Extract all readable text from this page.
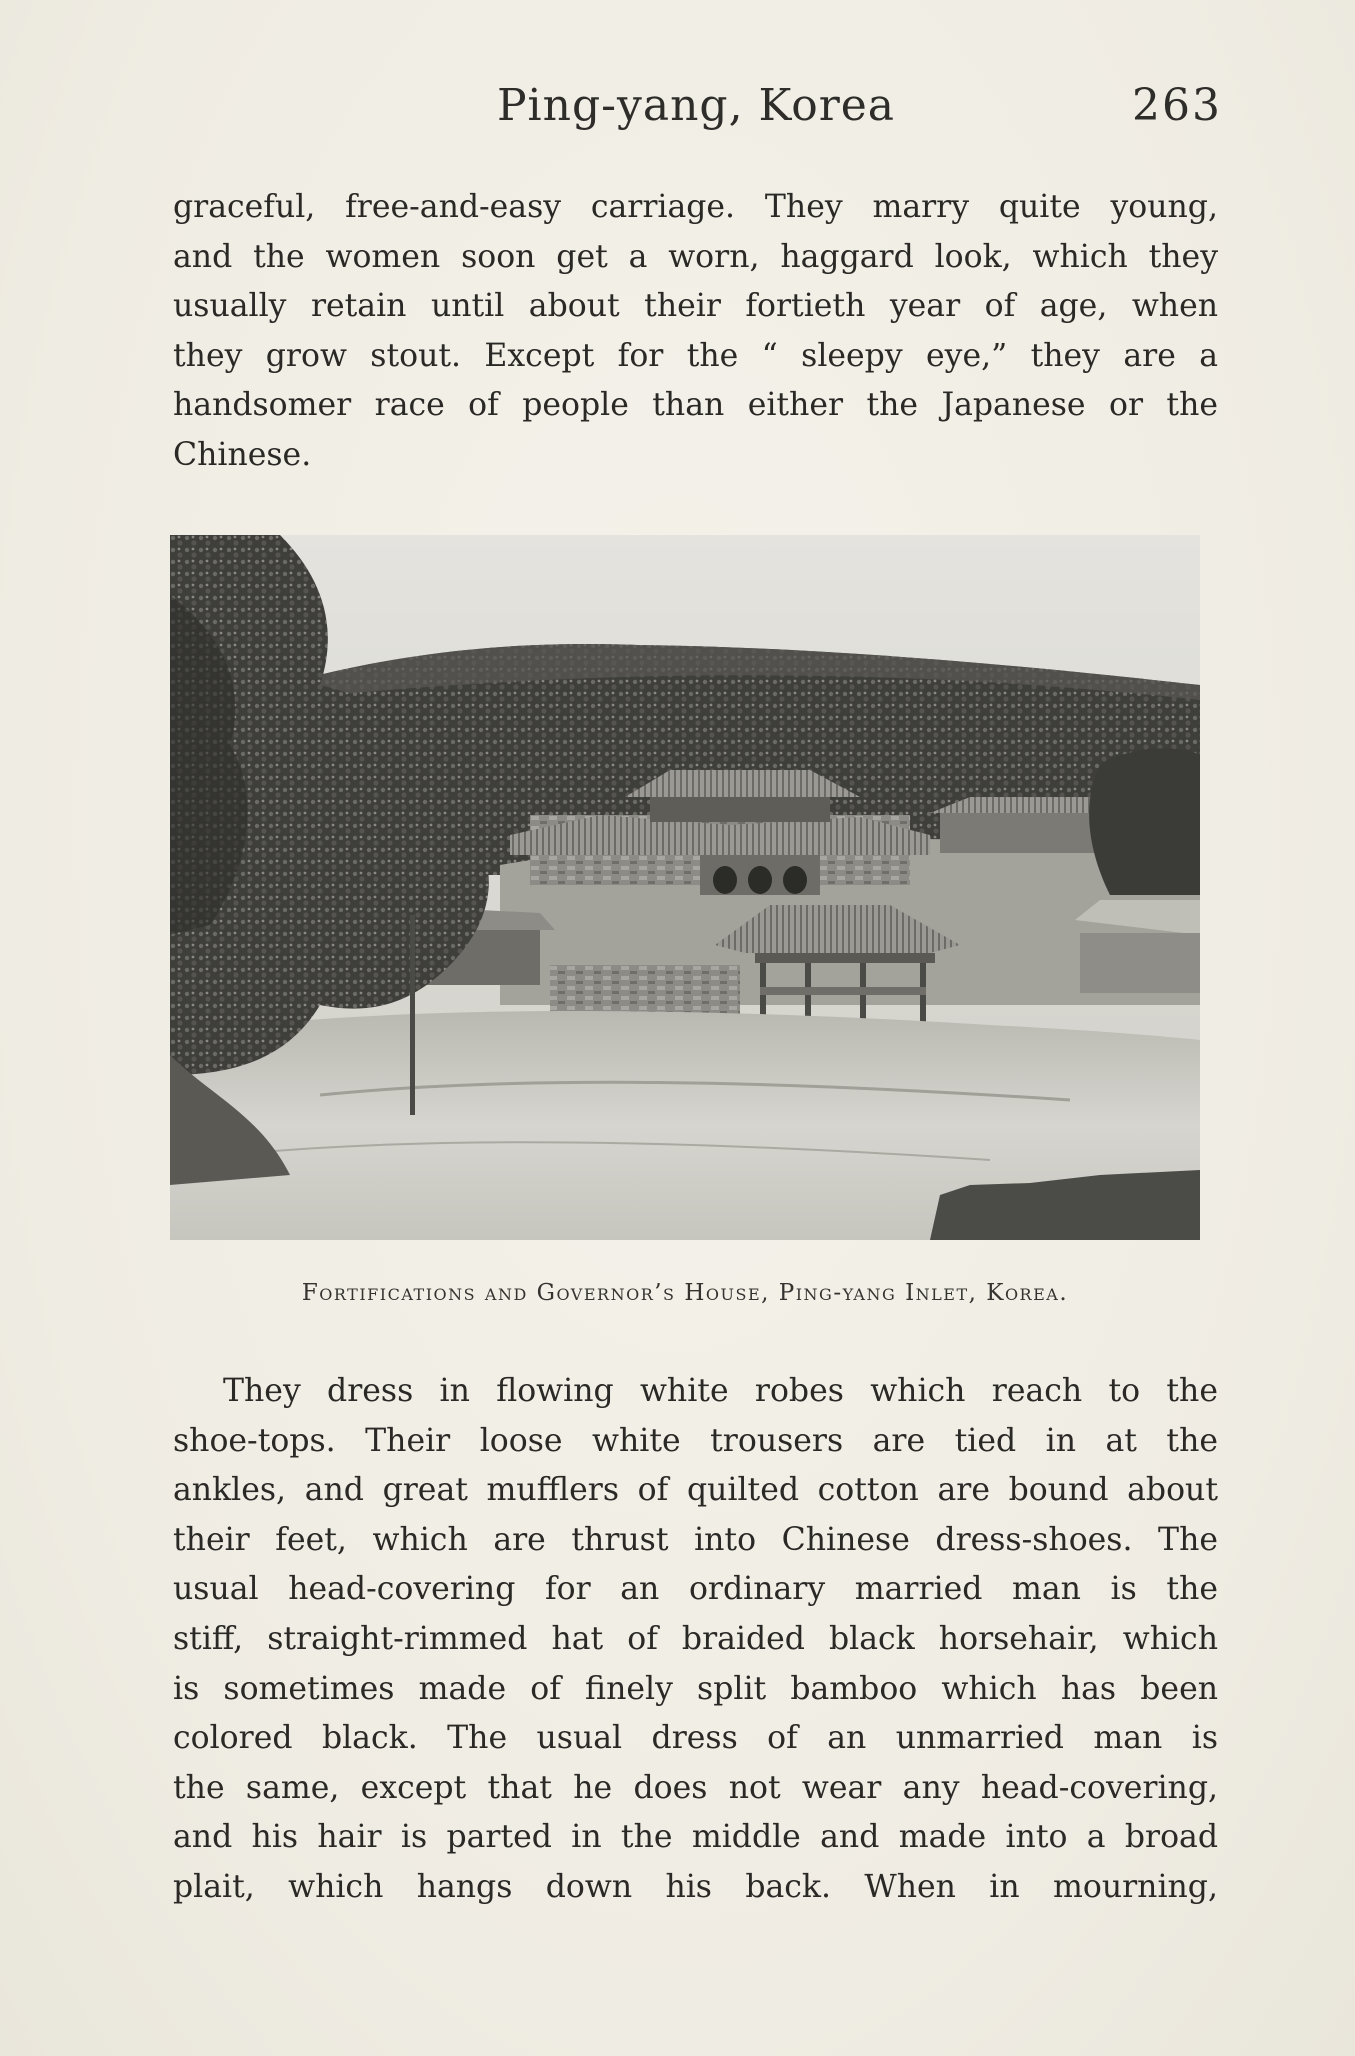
Ping-yang, Korea	263
graceful, free-and-easy carriage. They marry quite young,
and the women soon get a worn, haggard look, which they
usually retain until about their fortieth year of age, when
they grow stout. Except for the “ sleepy eye,” they are a
handsomer race of people than either the Japanese or the
Chinese.
Fortifications and Governor’s House, Ping-yang Inlet, Korea.
They dress in flowing white robes which reach to the
shoe-tops. Their loose white trousers are tied in at the
ankles, and great mufflers of quilted cotton are bound about
their feet, which are thrust into Chinese dress-shoes. The
usual head-covering for an ordinary married man is the
stiff, straight-rimmed hat of braided black horsehair, which
is sometimes made of finely split bamboo which has been
colored black. The usual dress of an unmarried man is
the same, except that he does not wear any head-covering,
and his hair is parted in the middle and made into a broad
plait, which hangs down his back. When in mourning,
